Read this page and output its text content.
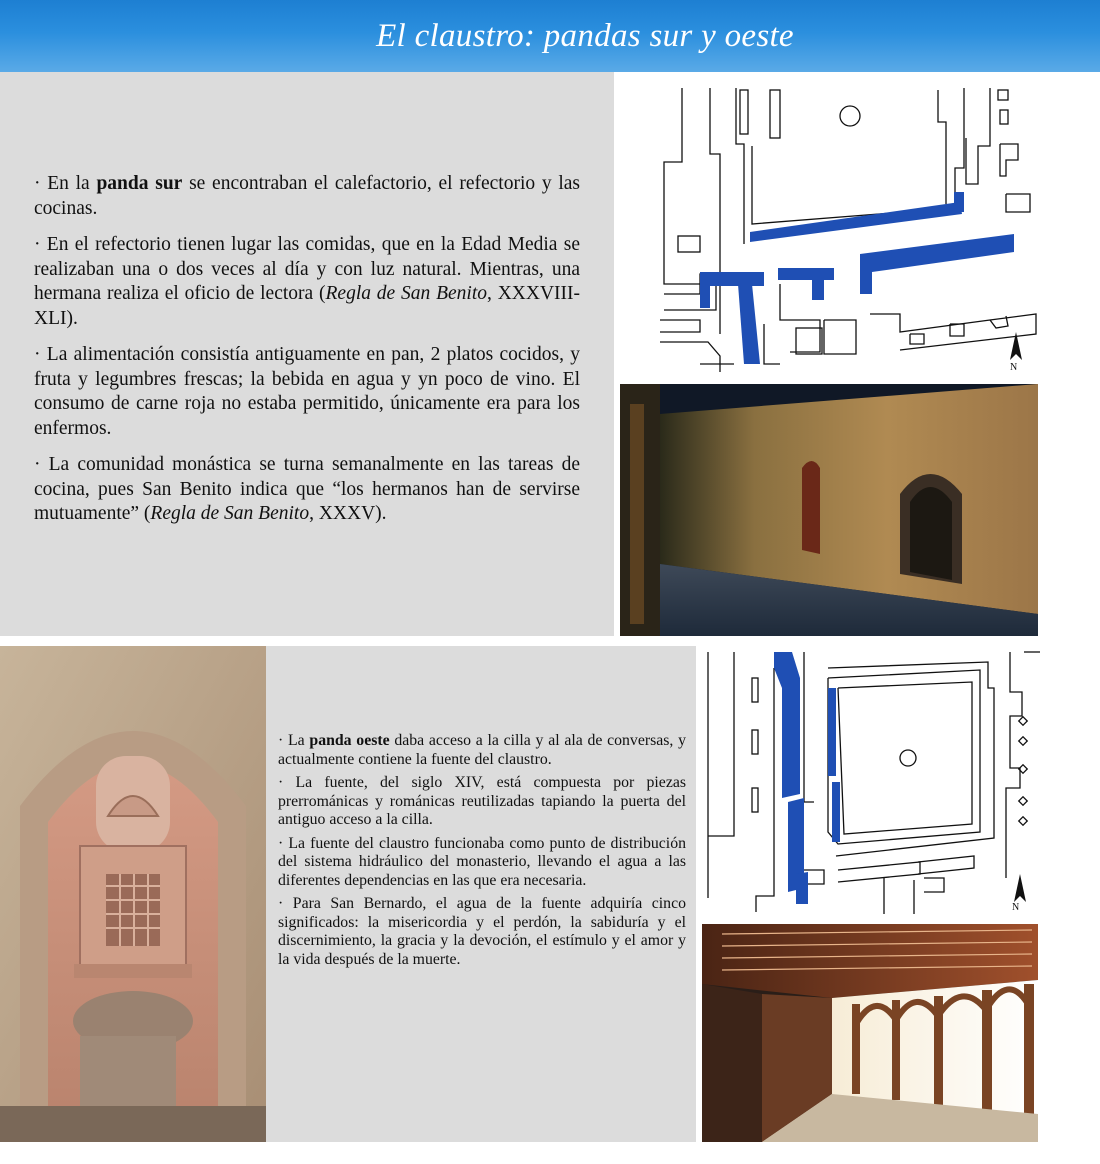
El claustro: pandas sur y oeste

· En la panda sur se encontraban el calefactorio, el refectorio y las cocinas.

· En el refectorio tienen lugar las comidas, que en la Edad Media se realizaban una o dos veces al día y con luz natural. Mientras, una hermana realiza el oficio de lectora (Regla de San Benito, XXXVIII-XLI).

· La alimentación consistía antiguamente en pan, 2 platos cocidos, y fruta y legumbres frescas; la bebida en agua y yn poco de vino. El consumo de carne roja no estaba permitido, únicamente era para los enfermos.

· La comunidad monástica se turna semanalmente en las tareas de cocina, pues San Benito indica que “los hermanos han de servirse mutuamente” (Regla de San Benito, XXXV).

· La panda oeste daba acceso a la cilla y al ala de conversas, y actualmente contiene la fuente del claustro.

· La fuente, del siglo XIV, está compuesta por piezas prerrománicas y románicas reutilizadas tapiando la puerta del antiguo acceso a la cilla.

· La fuente del claustro funcionaba como punto de distribución del sistema hidráulico del monasterio, llevando el agua a las diferentes dependencias en las que era necesaria.

· Para San Bernardo, el agua de la fuente adquiría cinco significados: la misericordia y el perdón, la sabiduría y el discernimiento, la gracia y la devoción, el estímulo y el amor y la vida después de la muerte.

N
N
